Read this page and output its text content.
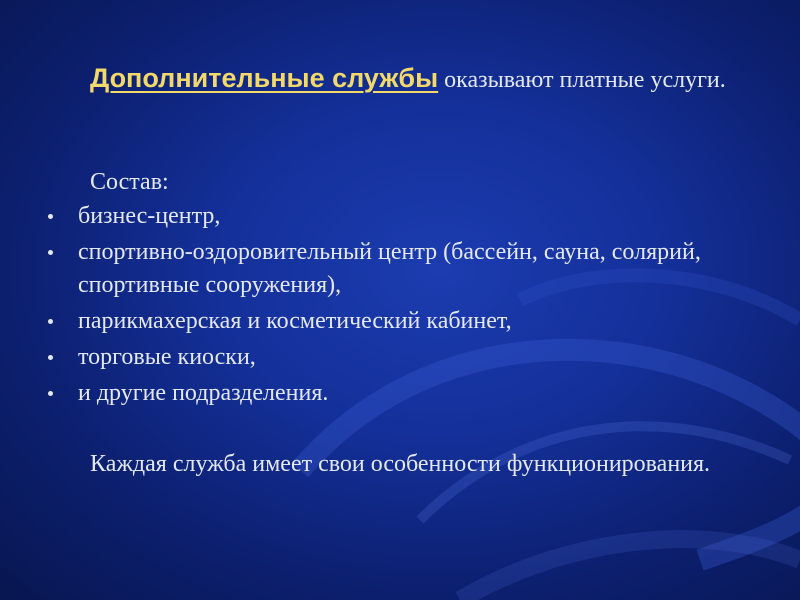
Дополнительные службы оказывают платные услуги.
Состав:
бизнес-центр,
спортивно-оздоровительный центр (бассейн, сауна, солярий, спортивные сооружения),
парикмахерская и косметический кабинет,
торговые киоски,
и другие подразделения.
Каждая служба имеет свои особенности функционирования.
